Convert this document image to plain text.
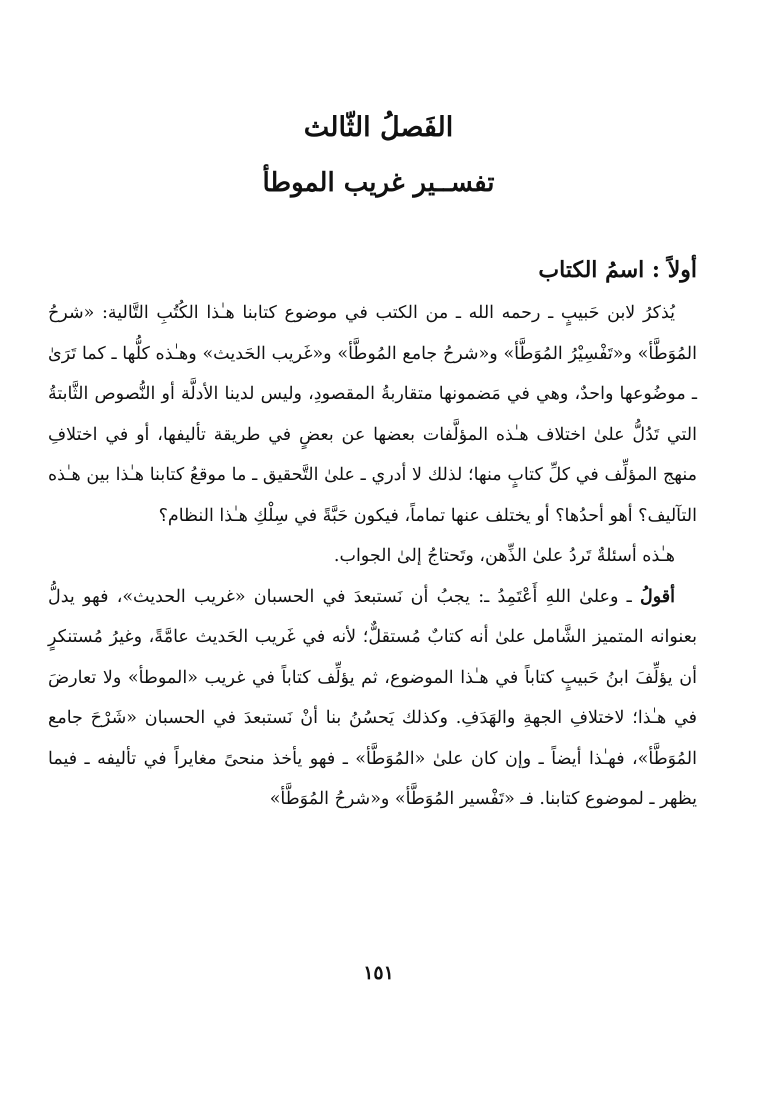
الفَصلُ الثّالث
تفســير غريب الموطأ
أولاً : اسمُ الكتاب

يُذكرُ لابن حَبيبٍ ـ رحمه الله ـ من الكتب في موضوع كتابنا هـٰذا الكُتُبِ التَّالية: «شرحُ المُوَطَّأ» و«تَفْسِيْرُ المُوَطَّأ» و«شرحُ جامع المُوطَّأ» و«غَريب الحَديث» وهـٰذه كلُّها ـ كما تَرَىٰ ـ موضُوعها واحدٌ، وهي في مَضمونها متقاربةُ المقصودِ، وليس لدينا الأدلَّة أو النُّصوص الثَّابتةُ التي تَدُلُّ علىٰ اختلاف هـٰذه المؤلَّفات بعضها عن بعضٍ في طريقة تأليفها، أو في اختلافِ منهج المؤلِّف في كلِّ كتابٍ منها؛ لذلك لا أدري ـ علىٰ التَّحقيق ـ ما موقعُ كتابنا هـٰذا بين هـٰذه التآليف؟ أهو أحدُها؟ أو يختلف عنها تماماً، فيكون حَبَّةً في سِلْكِ هـٰذا النظام؟

هـٰذه أسئلةٌ تَردُ علىٰ الذِّهن، وتَحتاجُ إلىٰ الجواب.

أقولُ ـ وعلىٰ اللهِ أَعْتَمِدُ ـ: يجبُ أن نَستبعدَ في الحسبان «غريب الحديث»، فهو يدلُّ بعنوانه المتميز الشَّامل علىٰ أنه كتابٌ مُستقلٌّ؛ لأنه في غَريب الحَديث عامَّةً، وغيرُ مُستنكرٍ أن يؤلِّفَ ابنُ حَبيبٍ كتاباً في هـٰذا الموضوع، ثم يؤلِّف كتاباً في غريب «الموطأ» ولا تعارضَ في هـٰذا؛ لاختلافِ الجهةِ والهَدَفِ. وكذلك يَحسُنُ بنا أنْ نَستبعدَ في الحسبان «شَرْحَ جامع المُوَطَّأ»، فهـٰذا أيضاً ـ وإن كان علىٰ «المُوَطَّأ» ـ فهو يأخذ منحىً مغايراً في تأليفه ـ فيما يظهر ـ لموضوع كتابنا. فـ «تَفْسير المُوَطَّأ» و«شرحُ المُوَطَّأ»

١٥١
